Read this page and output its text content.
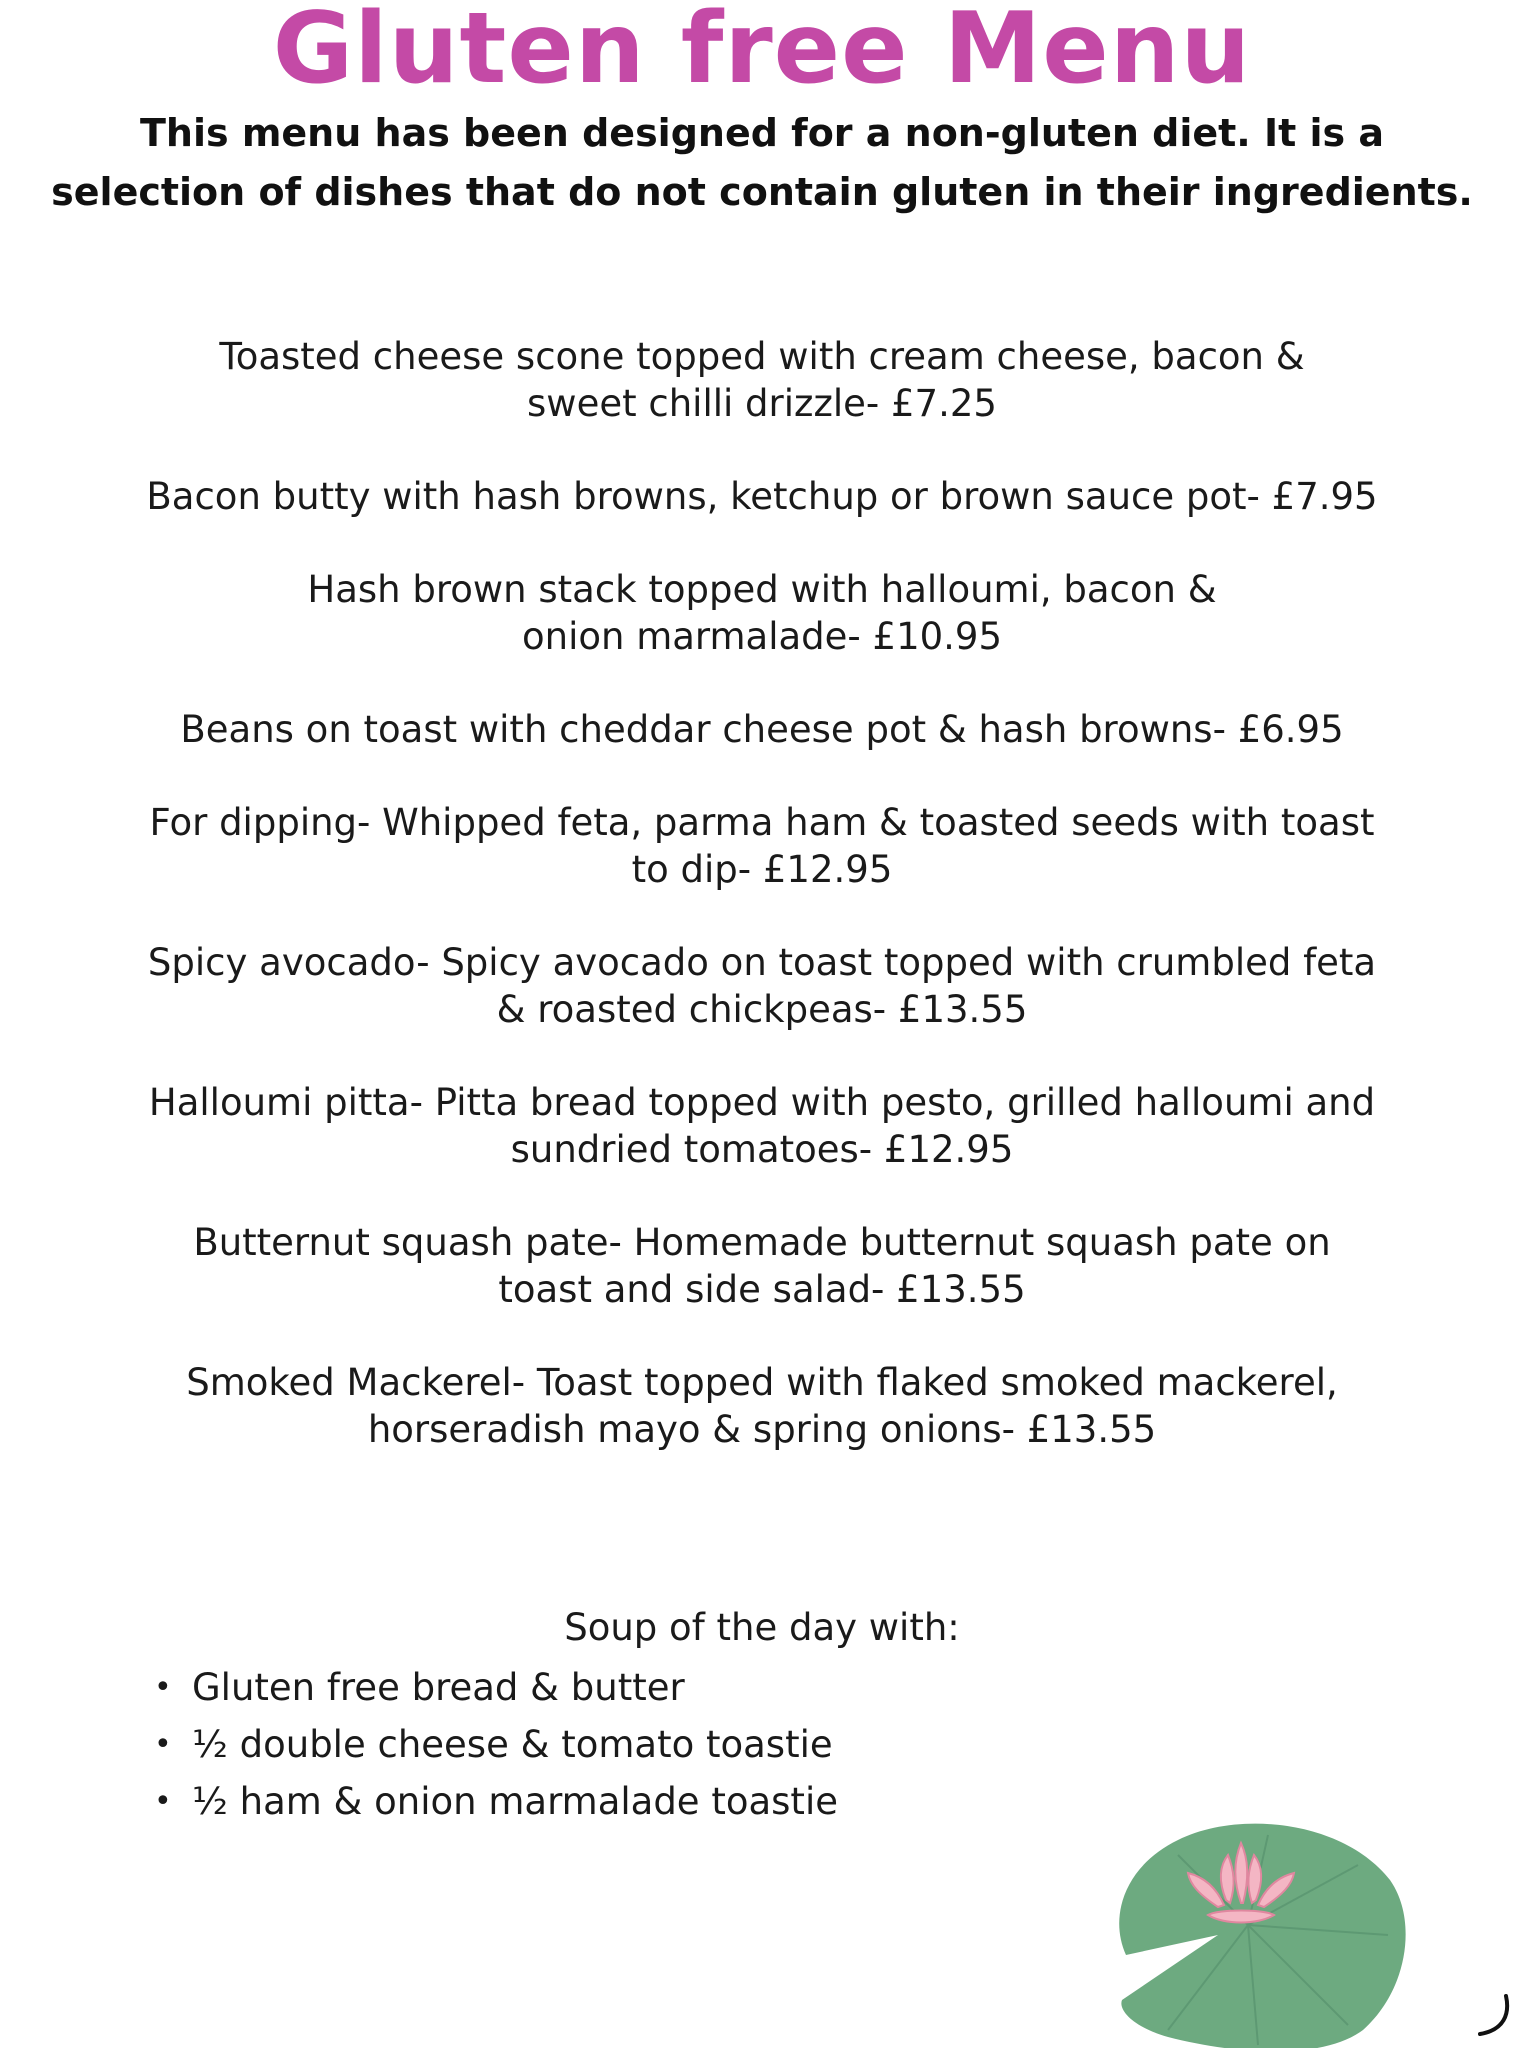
Gluten free Menu

This menu has been designed for a non-gluten diet. It is a
selection of dishes that do not contain gluten in their ingredients.

Toasted cheese scone topped with cream cheese, bacon &
sweet chilli drizzle- £7.25
Bacon butty with hash browns, ketchup or brown sauce pot- £7.95
Hash brown stack topped with halloumi, bacon &
onion marmalade- £10.95
Beans on toast with cheddar cheese pot & hash browns- £6.95
For dipping- Whipped feta, parma ham & toasted seeds with toast
to dip- £12.95
Spicy avocado- Spicy avocado on toast topped with crumbled feta
& roasted chickpeas- £13.55
Halloumi pitta- Pitta bread topped with pesto, grilled halloumi and
sundried tomatoes- £12.95
Butternut squash pate- Homemade butternut squash pate on
toast and side salad- £13.55
Smoked Mackerel- Toast topped with flaked smoked mackerel,
horseradish mayo & spring onions- £13.55

Soup of the day with:

• Gluten free bread & butter
• ½ double cheese & tomato toastie
• ½ ham & onion marmalade toastie
